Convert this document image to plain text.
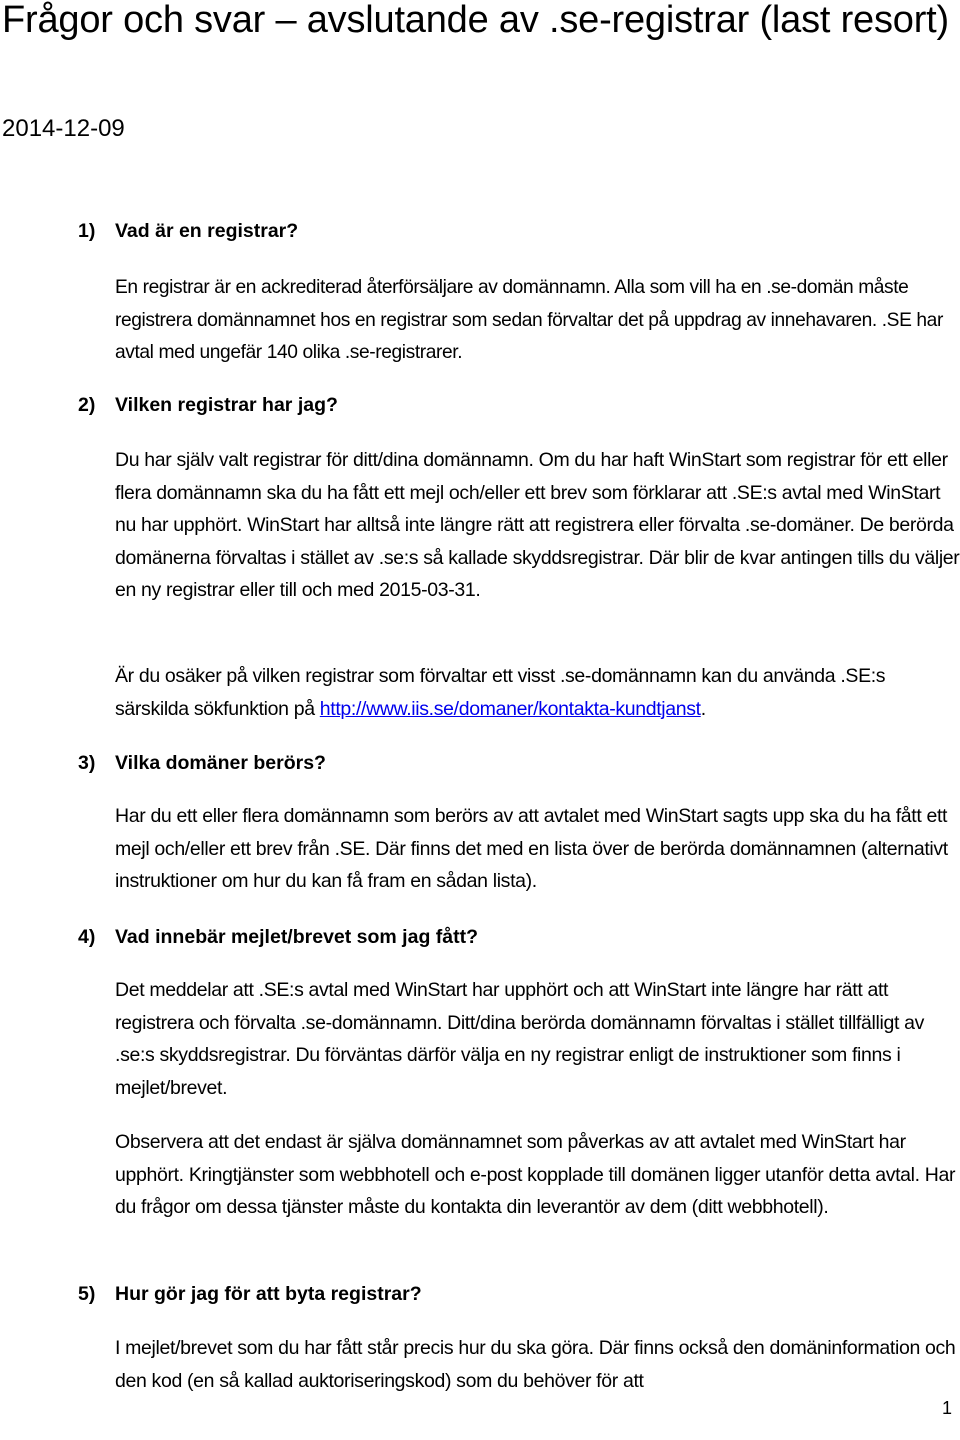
Frågor och svar – avslutande av .se-registrar (last resort)
2014-12-09
1) Vad är en registrar?
En registrar är en ackrediterad återförsäljare av domännamn. Alla som vill ha en .se-domän måste registrera domännamnet hos en registrar som sedan förvaltar det på uppdrag av innehavaren. .SE har avtal med ungefär 140 olika .se-registrarer.
2) Vilken registrar har jag?
Du har själv valt registrar för ditt/dina domännamn. Om du har haft WinStart som registrar för ett eller flera domännamn ska du ha fått ett mejl och/eller ett brev som förklarar att .SE:s avtal med WinStart nu har upphört. WinStart har alltså inte längre rätt att registrera eller förvalta .se-domäner. De berörda domänerna förvaltas i stället av .se:s så kallade skyddsregistrar. Där blir de kvar antingen tills du väljer en ny registrar eller till och med 2015-03-31.
Är du osäker på vilken registrar som förvaltar ett visst .se-domännamn kan du använda .SE:s särskilda sökfunktion på http://www.iis.se/domaner/kontakta-kundtjanst.
3) Vilka domäner berörs?
Har du ett eller flera domännamn som berörs av att avtalet med WinStart sagts upp ska du ha fått ett mejl och/eller ett brev från .SE. Där finns det med en lista över de berörda domännamnen (alternativt instruktioner om hur du kan få fram en sådan lista).
4) Vad innebär mejlet/brevet som jag fått?
Det meddelar att .SE:s avtal med WinStart har upphört och att WinStart inte längre har rätt att registrera och förvalta .se-domännamn. Ditt/dina berörda domännamn förvaltas i stället tillfälligt av .se:s skyddsregistrar. Du förväntas därför välja en ny registrar enligt de instruktioner som finns i mejlet/brevet.
Observera att det endast är själva domännamnet som påverkas av att avtalet med WinStart har upphört. Kringtjänster som webbhotell och e-post kopplade till domänen ligger utanför detta avtal. Har du frågor om dessa tjänster måste du kontakta din leverantör av dem (ditt webbhotell).
5) Hur gör jag för att byta registrar?
I mejlet/brevet som du har fått står precis hur du ska göra. Där finns också den domäninformation och den kod (en så kallad auktoriseringskod) som du behöver för att
1
